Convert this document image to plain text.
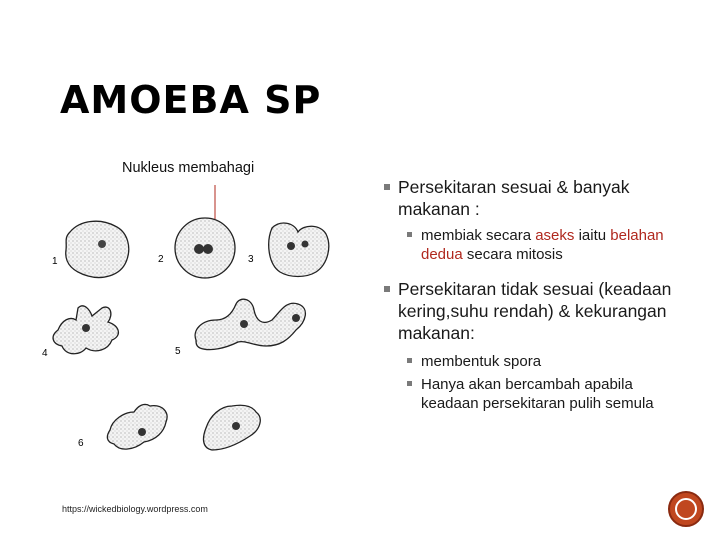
AMOEBA SP
Nukleus membahagi
1	2	3
4	5
6
https://wickedbiology.wordpress.com
Persekitaran sesuai & banyak makanan :
membiak secara aseks iaitu belahan dedua secara mitosis
Persekitaran tidak sesuai (keadaan kering,suhu rendah) & kekurangan makanan:
membentuk spora
Hanya akan bercambah apabila keadaan persekitaran pulih semula
